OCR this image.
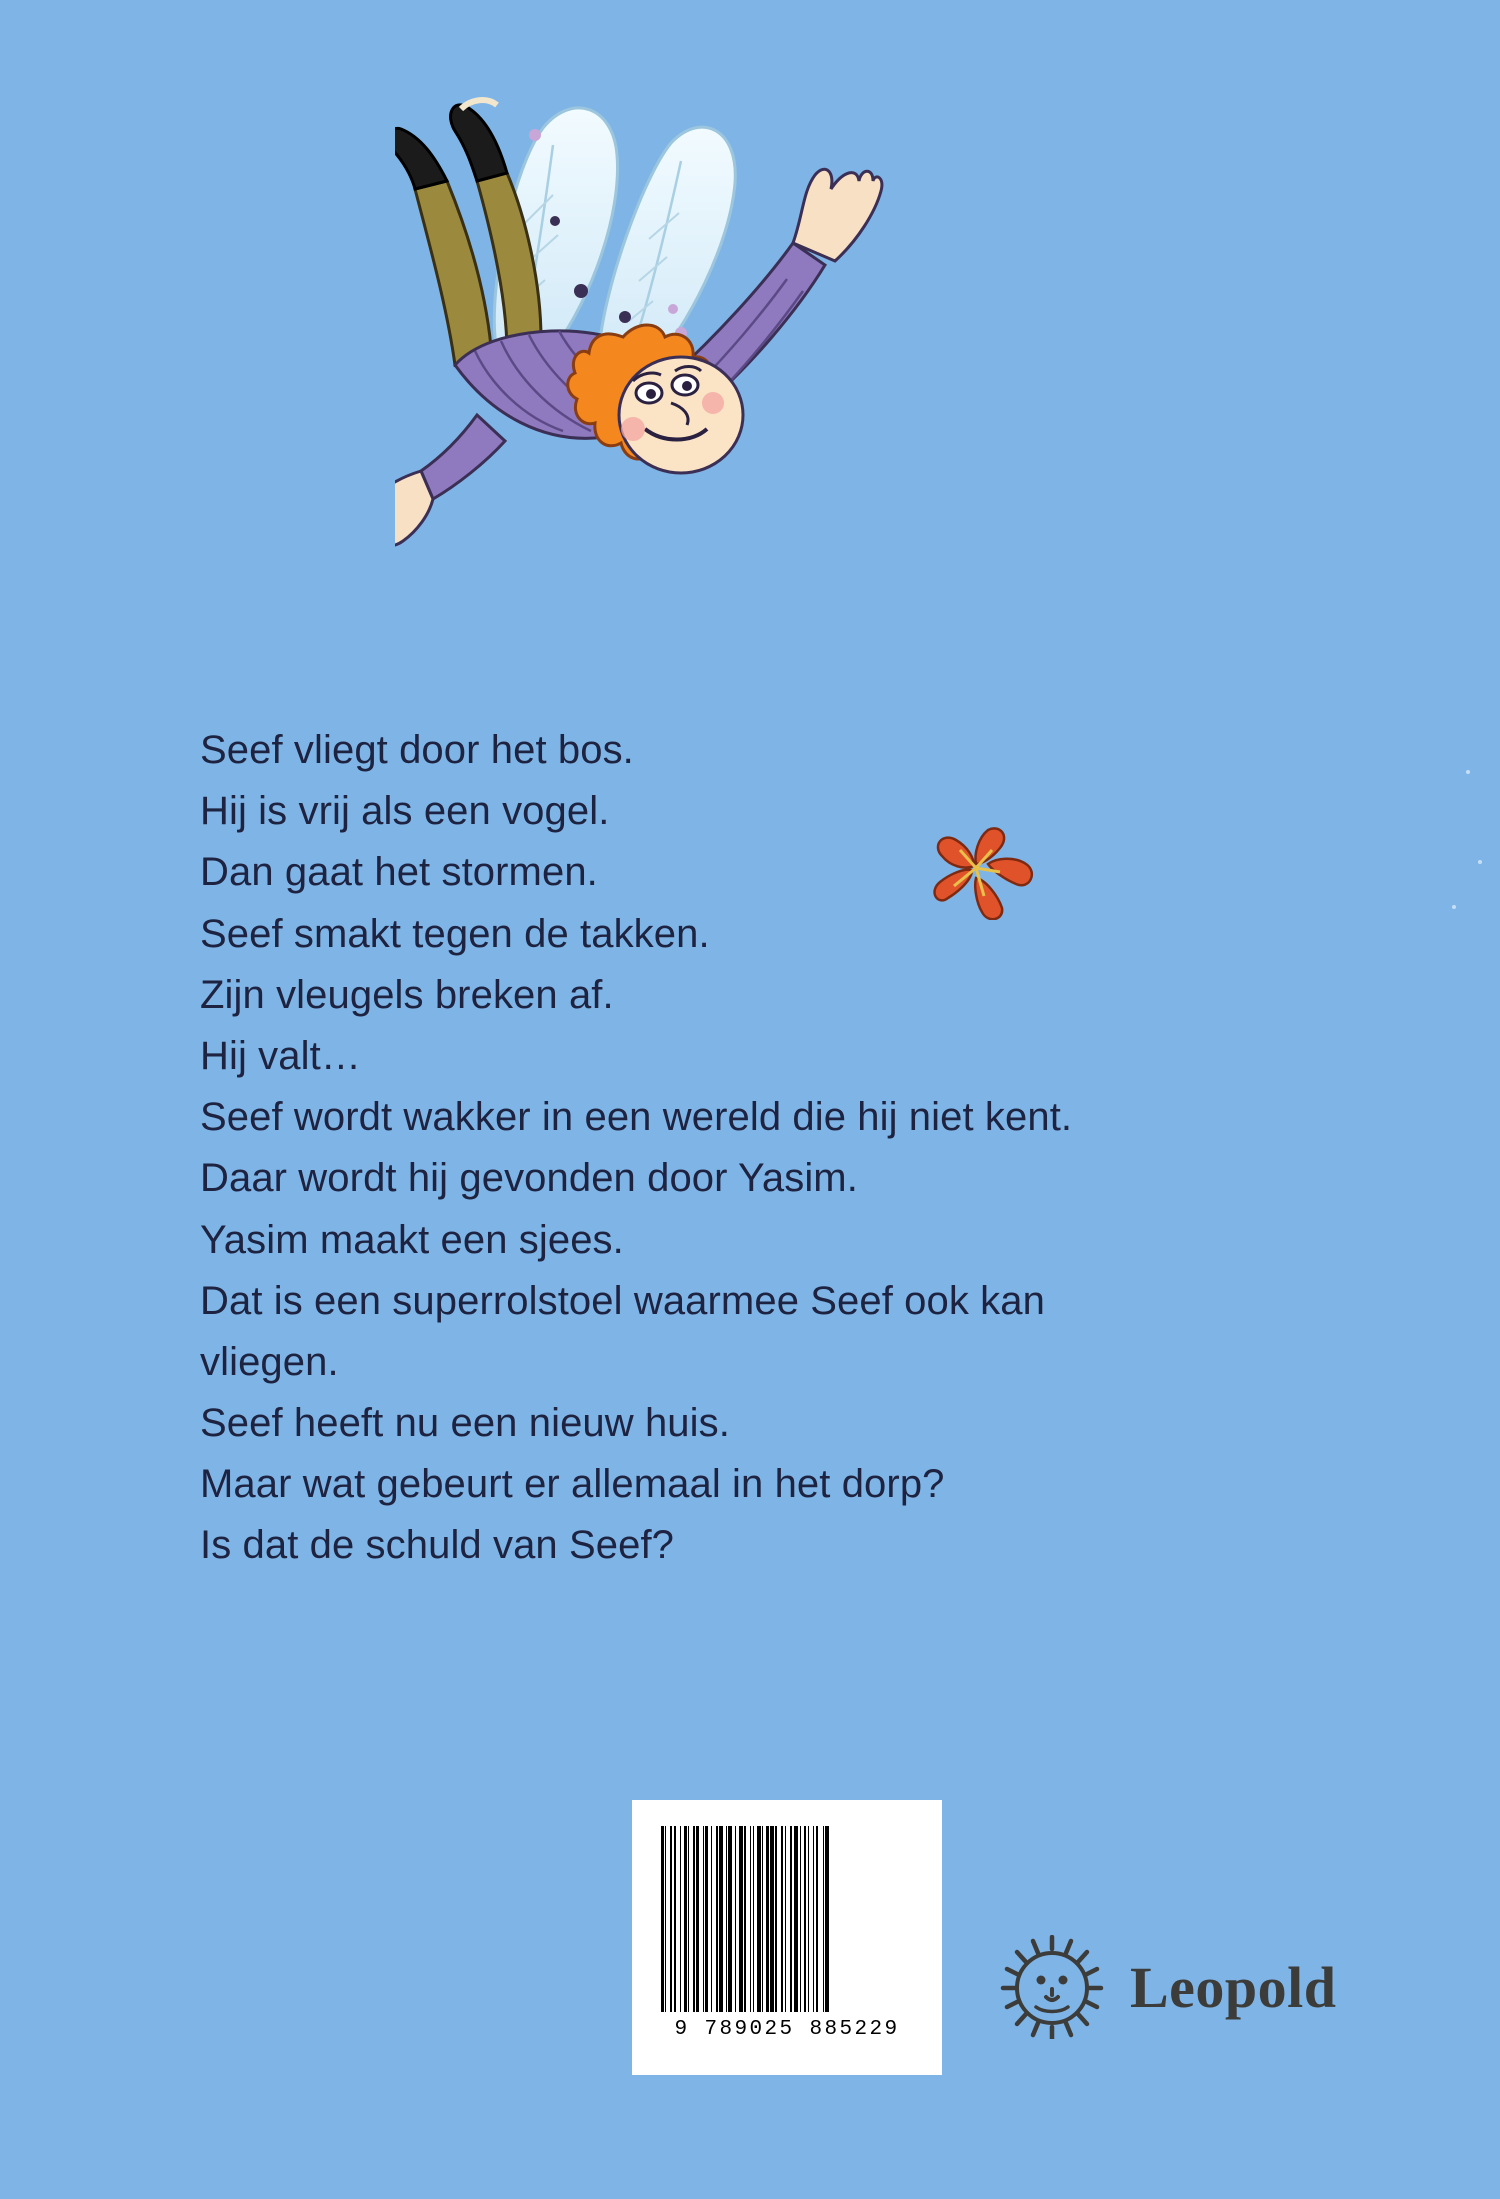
Seef vliegt door het bos.
Hij is vrij als een vogel.
Dan gaat het stormen.
Seef smakt tegen de takken.
Zijn vleugels breken af.
Hij valt…
Seef wordt wakker in een wereld die hij niet kent.
Daar wordt hij gevonden door Yasim.
Yasim maakt een sjees.
Dat is een superrolstoel waarmee Seef ook kan
vliegen.
Seef heeft nu een nieuw huis.
Maar wat gebeurt er allemaal in het dorp?
Is dat de schuld van Seef?
9 789025 885229
Leopold
